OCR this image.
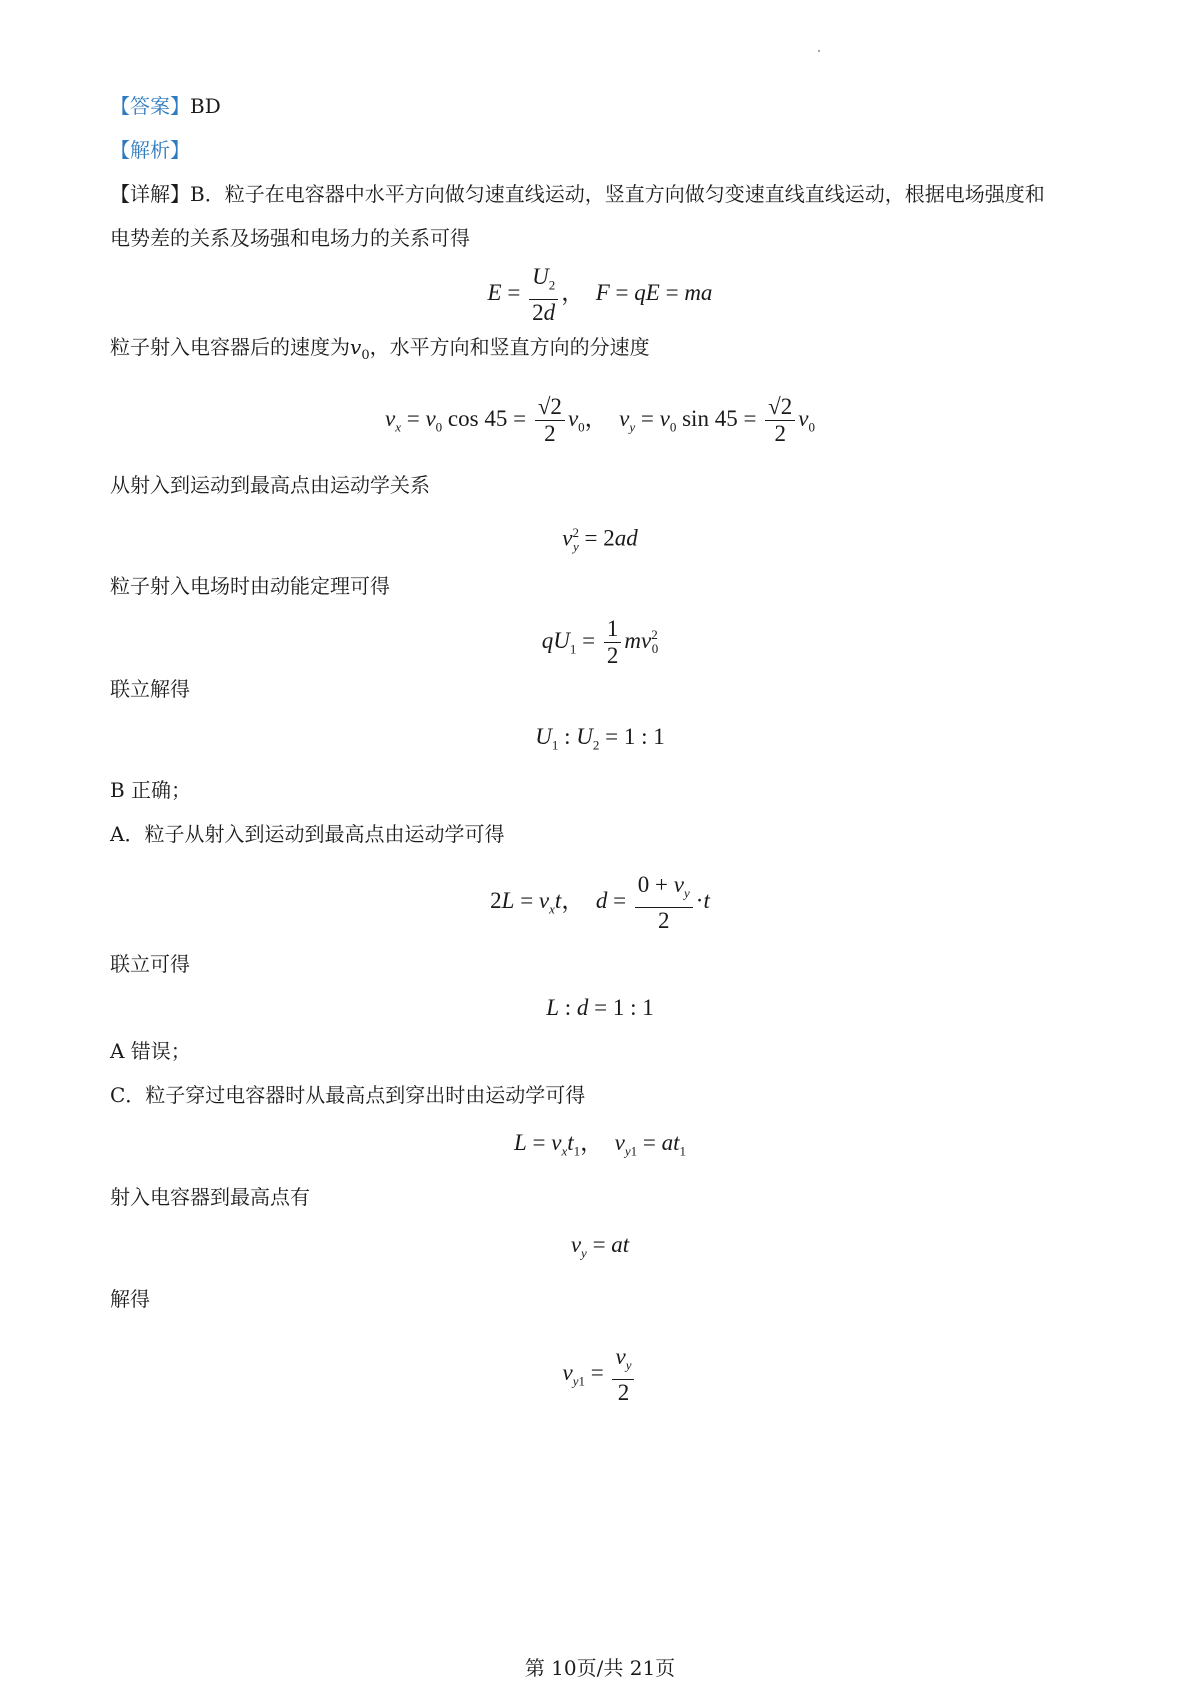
【答案】BD
【解析】
【详解】B．粒子在电容器中水平方向做匀速直线运动，竖直方向做匀变速直线直线运动，根据电场强度和
电势差的关系及场强和电场力的关系可得
$E = \frac{U_2}{2d}$ ，  F = qE = ma
粒子射入电容器后的速度为$v_0$，水平方向和竖直方向的分速度
$v_x = v_0$ $\cos 45 = \frac{√2}{2} v_0$，  $v_y = v_0$ $\sin 45 = \frac{√2}{2} v_0$
从射入到运动到最高点由运动学关系
$v^2_y = 2ad$
粒子射入电场时由动能定理可得
$qU_1 = \frac{1}{2} mv^2_0$
联立解得
$U_1$ : $U_2 = 1$ : 1
B 正确；
A．粒子从射入到运动到最高点由运动学可得
$2L = v_xt$，  $d = \frac{0 + v_y}{2} \cdot t$
联立可得
L : d = 1 : 1
A 错误；
C．粒子穿过电容器时从最高点到穿出时由运动学可得
$L = v_xt_1$，  $v_{y1} = at_1$
射入电容器到最高点有
$v_y$ = at
解得
$v_{y1} = \frac{v_y}{2}$
第 10页/共 21页
